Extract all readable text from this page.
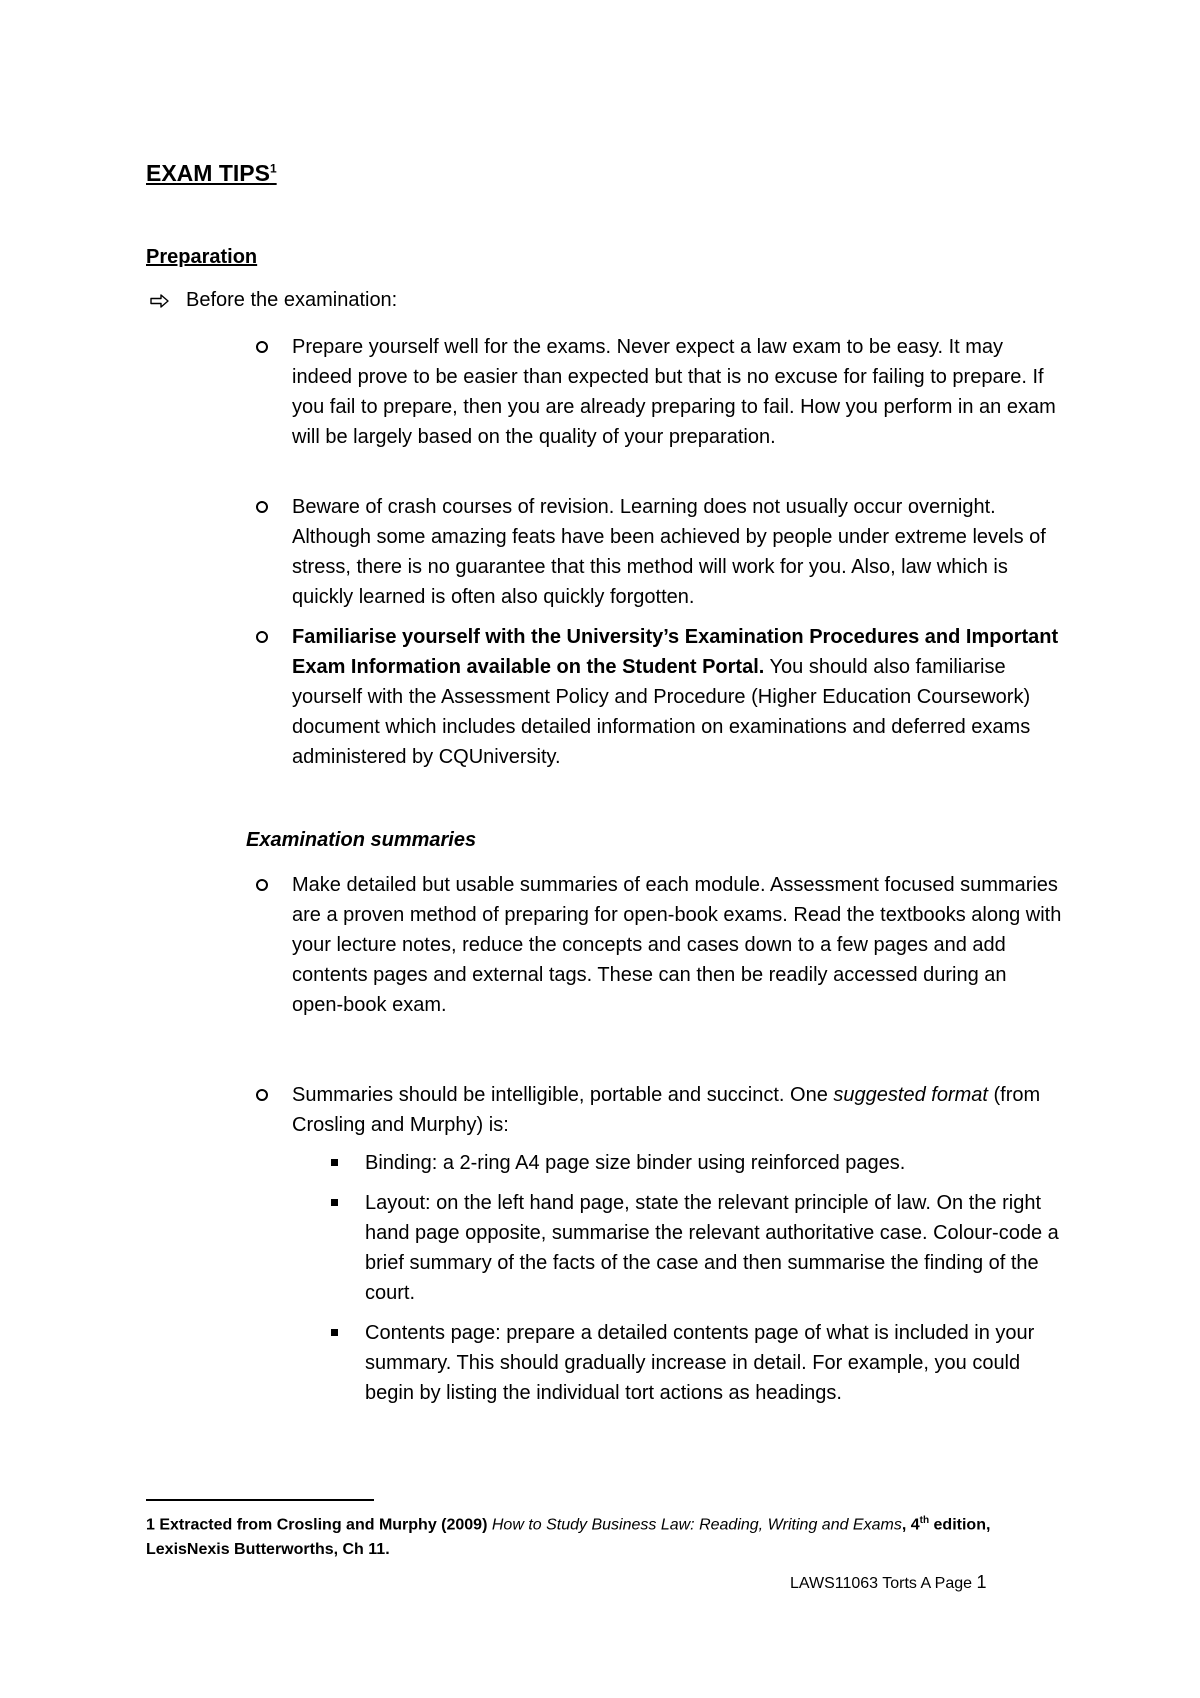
EXAM TIPS$^1$
Preparation
Before the examination:
Prepare yourself well for the exams. Never expect a law exam to be easy. It may indeed prove to be easier than expected but that is no excuse for failing to prepare. If you fail to prepare, then you are already preparing to fail. How you perform in an exam will be largely based on the quality of your preparation.
Beware of crash courses of revision. Learning does not usually occur overnight. Although some amazing feats have been achieved by people under extreme levels of stress, there is no guarantee that this method will work for you. Also, law which is quickly learned is often also quickly forgotten.
Familiarise yourself with the University’s Examination Procedures and Important Exam Information available on the Student Portal. You should also familiarise yourself with the Assessment Policy and Procedure (Higher Education Coursework) document which includes detailed information on examinations and deferred exams administered by CQUniversity.
Examination summaries
Make detailed but usable summaries of each module. Assessment focused summaries are a proven method of preparing for open-book exams. Read the textbooks along with your lecture notes, reduce the concepts and cases down to a few pages and add contents pages and external tags. These can then be readily accessed during an open-book exam.
Summaries should be intelligible, portable and succinct. One suggested format (from Crosling and Murphy) is:
Binding: a 2-ring A4 page size binder using reinforced pages.
Layout: on the left hand page, state the relevant principle of law. On the right hand page opposite, summarise the relevant authoritative case. Colour-code a brief summary of the facts of the case and then summarise the finding of the court.
Contents page: prepare a detailed contents page of what is included in your summary. This should gradually increase in detail. For example, you could begin by listing the individual tort actions as headings.
1 Extracted from Crosling and Murphy (2009) How to Study Business Law: Reading, Writing and Exams, 4th edition, LexisNexis Butterworths, Ch 11.
LAWS11063 Torts A Page 1
